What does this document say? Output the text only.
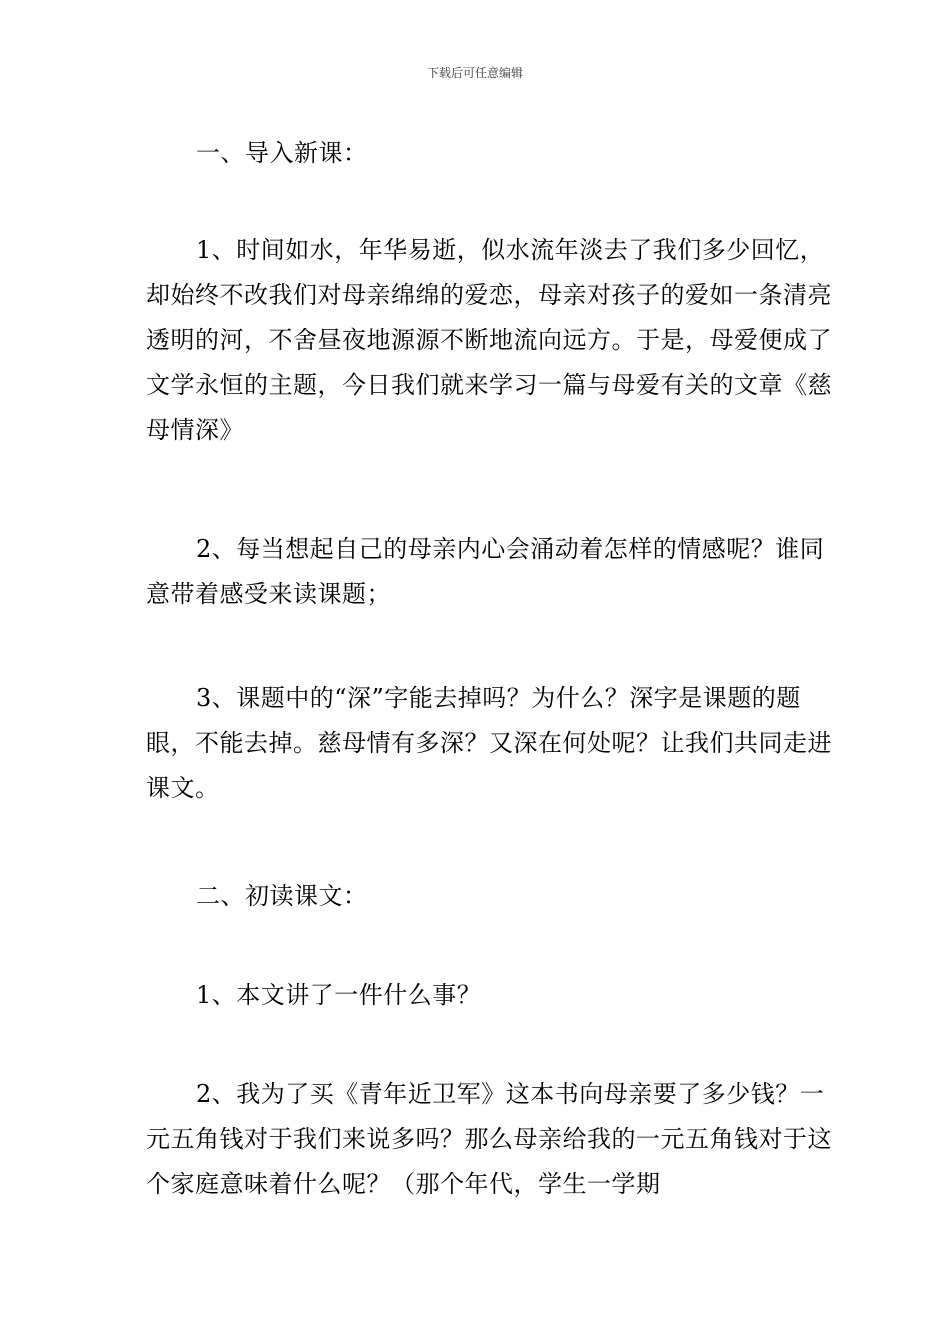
下载后可任意编辑

一、导入新课：

1、时间如水，年华易逝，似水流年淡去了我们多少回忆，却始终不改我们对母亲绵绵的爱恋，母亲对孩子的爱如一条清亮透明的河，不舍昼夜地源源不断地流向远方。于是，母爱便成了文学永恒的主题，今日我们就来学习一篇与母爱有关的文章《慈母情深》

2、每当想起自己的母亲内心会涌动着怎样的情感呢？谁同意带着感受来读课题；

3、课题中的“深”字能去掉吗？为什么？深字是课题的题眼，不能去掉。慈母情有多深？又深在何处呢？让我们共同走进课文。

二、初读课文：

1、本文讲了一件什么事？

2、我为了买《青年近卫军》这本书向母亲要了多少钱？一元五角钱对于我们来说多吗？那么母亲给我的一元五角钱对于这个家庭意味着什么呢？（那个年代，学生一学期
